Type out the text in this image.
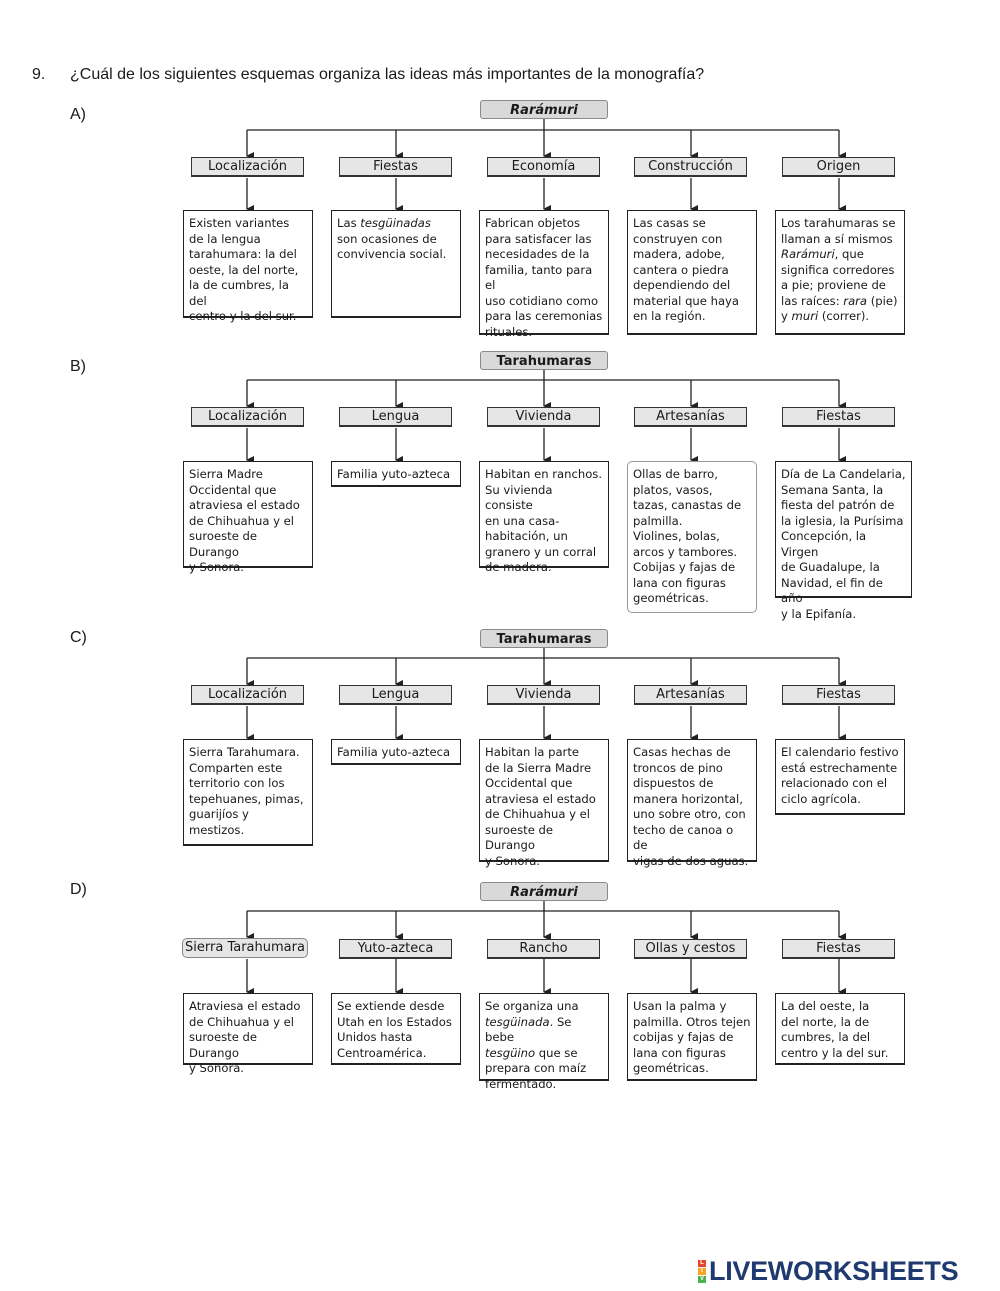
9. ¿Cuál de los siguientes esquemas organiza las ideas más importantes de la monografía?
A)	Rarámuri
Localización	Fiestas	Economía	Construcción	Origen
Existen variantes
de la lengua
tarahumara: la del
oeste, la del norte,
la de cumbres, la del
centro y la del sur.
Las tesgüinadas
son ocasiones de
convivencia social.
Fabrican objetos
para satisfacer las
necesidades de la
familia, tanto para el
uso cotidiano como
para las ceremonias
rituales.
Las casas se
construyen con
madera, adobe,
cantera o piedra
dependiendo del
material que haya
en la región.
Los tarahumaras se
llaman a sí mismos
Rarámuri, que
significa corredores
a pie; proviene de
las raíces: rara (pie)
y muri (correr).
B)	Tarahumaras
Localización	Lengua	Vivienda	Artesanías	Fiestas
Sierra Madre
Occidental que
atraviesa el estado
de Chihuahua y el
suroeste de Durango
y Sonora.
Familia yuto-azteca	Habitan en ranchos.
Su vivienda consiste
en una casa-
habitación, un
granero y un corral
de madera.
Ollas de barro,
platos, vasos,
tazas, canastas de
palmilla.
Violines, bolas,
arcos y tambores.
Cobijas y fajas de
lana con figuras
geométricas.
Día de La Candelaria,
Semana Santa, la
fiesta del patrón de
la iglesia, la Purísima
Concepción, la Virgen
de Guadalupe, la
Navidad, el fin de año
y la Epifanía.
C)	Tarahumaras
Localización	Lengua	Vivienda	Artesanías	Fiestas
Sierra Tarahumara.
Comparten este
territorio con los
tepehuanes, pimas,
guarijíos y mestizos.
Familia yuto-azteca	Habitan la parte
de la Sierra Madre
Occidental que
atraviesa el estado
de Chihuahua y el
suroeste de Durango
y Sonora.
Casas hechas de
troncos de pino
dispuestos de
manera horizontal,
uno sobre otro, con
techo de canoa o de
vigas de dos aguas.
El calendario festivo
está estrechamente
relacionado con el
ciclo agrícola.
D)	Rarámuri
Sierra Tarahumara	Yuto-azteca	Rancho	Ollas y cestos	Fiestas
Atraviesa el estado
de Chihuahua y el
suroeste de Durango
y Sonora.
Se extiende desde
Utah en los Estados
Unidos hasta
Centroamérica.
Se organiza una
tesgüinada. Se bebe
tesgüino que se
prepara con maíz
fermentado.
Usan la palma y
palmilla. Otros tejen
cobijas y fajas de
lana con figuras
geométricas.
La del oeste, la
del norte, la de
cumbres, la del
centro y la del sur.
L
I
V LIVEWORKSHEETS
